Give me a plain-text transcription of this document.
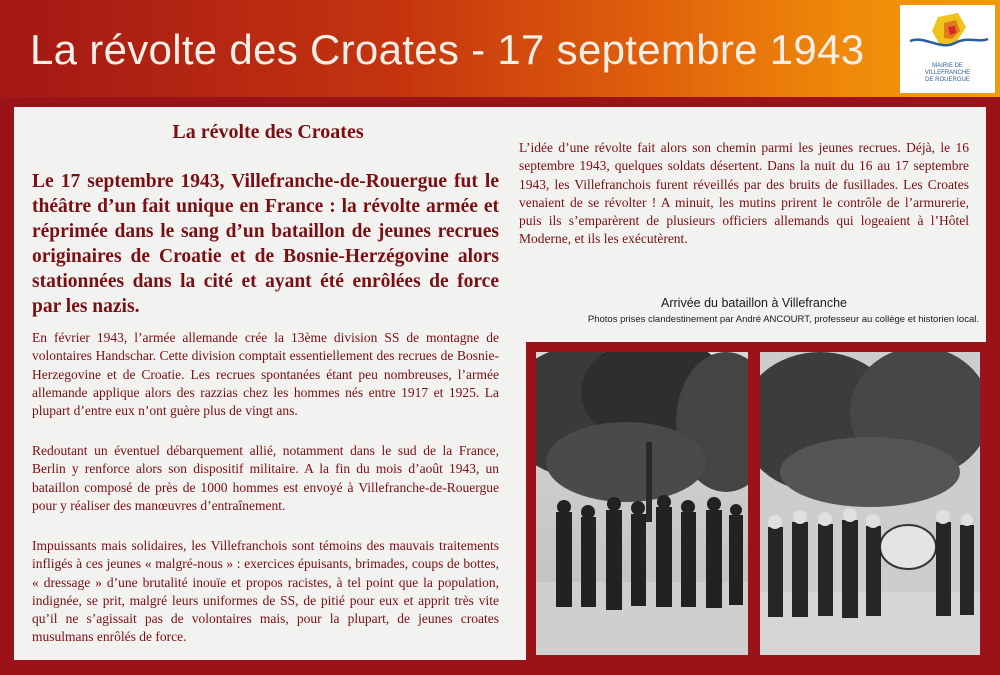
La révolte des Croates - 17 septembre 1943	MAIRIE DE
VILLEFRANCHE
DE ROUERGUE
La révolte des Croates
Le 17 septembre 1943, Villefranche-de-Rouergue fut le théâtre d’un fait unique en France : la révolte armée et réprimée dans le sang d’un bataillon de jeunes recrues originaires de Croatie et de Bosnie-Herzégovine alors stationnées dans la cité et ayant été enrôlées de force par les nazis.
En février 1943, l’armée allemande crée la 13ème division SS de montagne de volontaires Handschar. Cette division comptait essentiellement des recrues de Bosnie-Herzegovine et de Croatie. Les recrues spontanées étant peu nombreuses, l’armée allemande applique alors des razzias chez les hommes nés entre 1917 et 1925. La plupart d’entre eux n’ont guère plus de vingt ans.
Redoutant un éventuel débarquement allié, notamment dans le sud de la France, Berlin y renforce alors son dispositif militaire. A la fin du mois d’août 1943, un bataillon composé de près de 1000 hommes est envoyé à Villefranche-de-Rouergue pour y réaliser des manœuvres d’entraînement.
Impuissants mais solidaires, les Villefranchois sont témoins des mauvais traitements infligés à ces jeunes « malgré-nous » : exercices épuisants, brimades, coups de bottes, « dressage » d’une brutalité inouïe et propos racistes, à tel point que la population, indignée, se prit, malgré leurs uniformes de SS, de pitié pour eux et apprit très vite qu’il ne s’agissait pas de volontaires mais, pour la plupart, de jeunes croates musulmans enrôlés de force.
L’idée d’une révolte fait alors son chemin parmi les jeunes recrues. Déjà, le 16 septembre 1943, quelques soldats désertent. Dans la nuit du 16 au 17 septembre 1943, les Villefranchois furent réveillés par des bruits de fusillades. Les Croates venaient de se révolter ! A minuit, les mutins prirent le contrôle de l’armurerie, puis ils s’emparèrent de plusieurs officiers allemands qui logeaient à l’Hôtel Moderne, et ils les exécutèrent.
Arrivée du bataillon à Villefranche
Photos prises clandestinement par André ANCOURT, professeur au collège et historien local.
